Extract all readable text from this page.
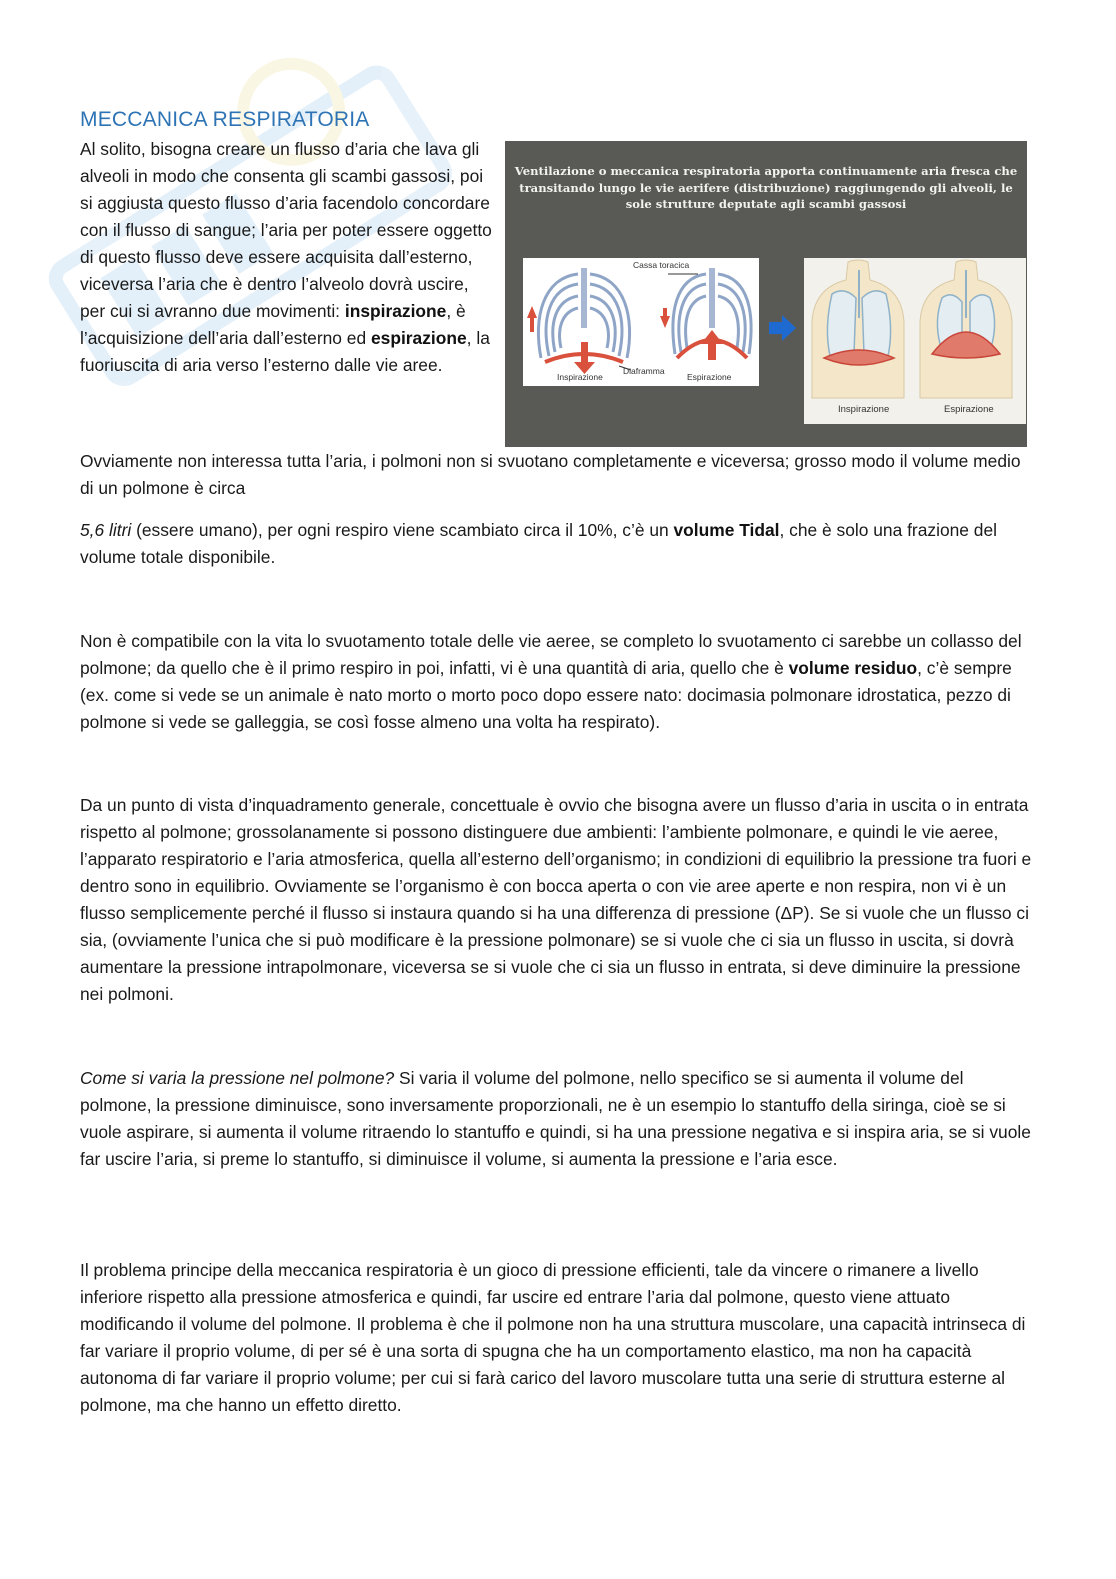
MECCANICA RESPIRATORIA

Al solito, bisogna creare un flusso d’aria che lava gli alveoli in modo che consenta gli scambi gassosi, poi si aggiusta questo flusso d’aria facendolo concordare con il flusso di sangue; l’aria per poter essere oggetto di questo flusso deve essere acquisita dall’esterno, viceversa l’aria che è dentro l’alveolo dovrà uscire, per cui si avranno due movimenti: inspirazione, è l’acquisizione dell’aria dall’esterno ed espirazione, la fuoriuscita di aria verso l’esterno dalle vie aree.

Ventilazione o meccanica respiratoria apporta continuamente aria fresca che transitando lungo le vie aerifere (distribuzione) raggiungendo gli alveoli, le sole strutture deputate agli scambi gassosi

Cassa toracica
Diaframma
Inspirazione	Espirazione
Inspirazione	Espirazione

Ovviamente non interessa tutta l’aria, i polmoni non si svuotano completamente e viceversa; grosso modo il volume medio di un polmone è circa

5,6 litri (essere umano), per ogni respiro viene scambiato circa il 10%, c’è un volume Tidal, che è solo una frazione del volume totale disponibile.

Non è compatibile con la vita lo svuotamento totale delle vie aeree, se completo lo svuotamento ci sarebbe un collasso del polmone; da quello che è il primo respiro in poi, infatti, vi è una quantità di aria, quello che è volume residuo, c’è sempre (ex. come si vede se un animale è nato morto o morto poco dopo essere nato: docimasia polmonare idrostatica, pezzo di polmone si vede se galleggia, se così fosse almeno una volta ha respirato).

Da un punto di vista d’inquadramento generale, concettuale è ovvio che bisogna avere un flusso d’aria in uscita o in entrata rispetto al polmone; grossolanamente si possono distinguere due ambienti: l’ambiente polmonare, e quindi le vie aeree, l’apparato respiratorio e l’aria atmosferica, quella all’esterno dell’organismo; in condizioni di equilibrio la pressione tra fuori e dentro sono in equilibrio. Ovviamente se l’organismo è con bocca aperta o con vie aree aperte e non respira, non vi è un flusso semplicemente perché il flusso si instaura quando si ha una differenza di pressione (ΔP). Se si vuole che un flusso ci sia, (ovviamente l’unica che si può modificare è la pressione polmonare) se si vuole che ci sia un flusso in uscita, si dovrà aumentare la pressione intrapolmonare, viceversa se si vuole che ci sia un flusso in entrata, si deve diminuire la pressione nei polmoni.

Come si varia la pressione nel polmone? Si varia il volume del polmone, nello specifico se si aumenta il volume del polmone, la pressione diminuisce, sono inversamente proporzionali, ne è un esempio lo stantuffo della siringa, cioè se si vuole aspirare, si aumenta il volume ritraendo lo stantuffo e quindi, si ha una pressione negativa e si inspira aria, se si vuole far uscire l’aria, si preme lo stantuffo, si diminuisce il volume, si aumenta la pressione e l’aria esce.

Il problema principe della meccanica respiratoria è un gioco di pressione efficienti, tale da vincere o rimanere a livello inferiore rispetto alla pressione atmosferica e quindi, far uscire ed entrare l’aria dal polmone, questo viene attuato modificando il volume del polmone. Il problema è che il polmone non ha una struttura muscolare, una capacità intrinseca di far variare il proprio volume, di per sé è una sorta di spugna che ha un comportamento elastico, ma non ha capacità autonoma di far variare il proprio volume; per cui si farà carico del lavoro muscolare tutta una serie di struttura esterne al polmone, ma che hanno un effetto diretto.
